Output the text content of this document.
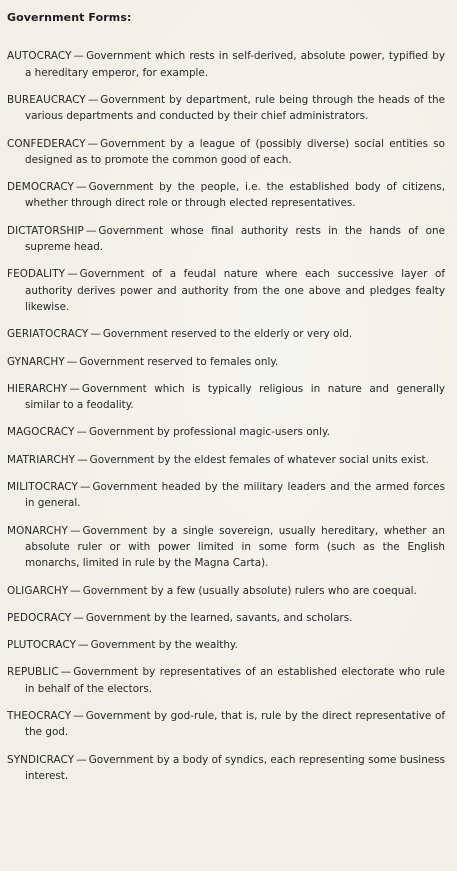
Government Forms:

AUTOCRACY — Government which rests in self-derived, absolute power, typified by a hereditary emperor, for example.

BUREAUCRACY — Government by department, rule being through the heads of the various departments and conducted by their chief administrators.

CONFEDERACY — Government by a league of (possibly diverse) social entities so designed as to promote the common good of each.

DEMOCRACY — Government by the people, i.e. the established body of citizens, whether through direct role or through elected representatives.

DICTATORSHIP — Government whose final authority rests in the hands of one supreme head.

FEODALITY — Government of a feudal nature where each successive layer of authority derives power and authority from the one above and pledges fealty likewise.

GERIATOCRACY — Government reserved to the elderly or very old.

GYNARCHY — Government reserved to females only.

HIERARCHY — Government which is typically religious in nature and generally similar to a feodality.

MAGOCRACY — Government by professional magic-users only.

MATRIARCHY — Government by the eldest females of whatever social units exist.

MILITOCRACY — Government headed by the military leaders and the armed forces in general.

MONARCHY — Government by a single sovereign, usually hereditary, whether an absolute ruler or with power limited in some form (such as the English monarchs, limited in rule by the Magna Carta).

OLIGARCHY — Government by a few (usually absolute) rulers who are coequal.

PEDOCRACY — Government by the learned, savants, and scholars.

PLUTOCRACY — Government by the wealthy.

REPUBLIC — Government by representatives of an established electorate who rule in behalf of the electors.

THEOCRACY — Government by god-rule, that is, rule by the direct representative of the god.

SYNDICRACY — Government by a body of syndics, each representing some business interest.
